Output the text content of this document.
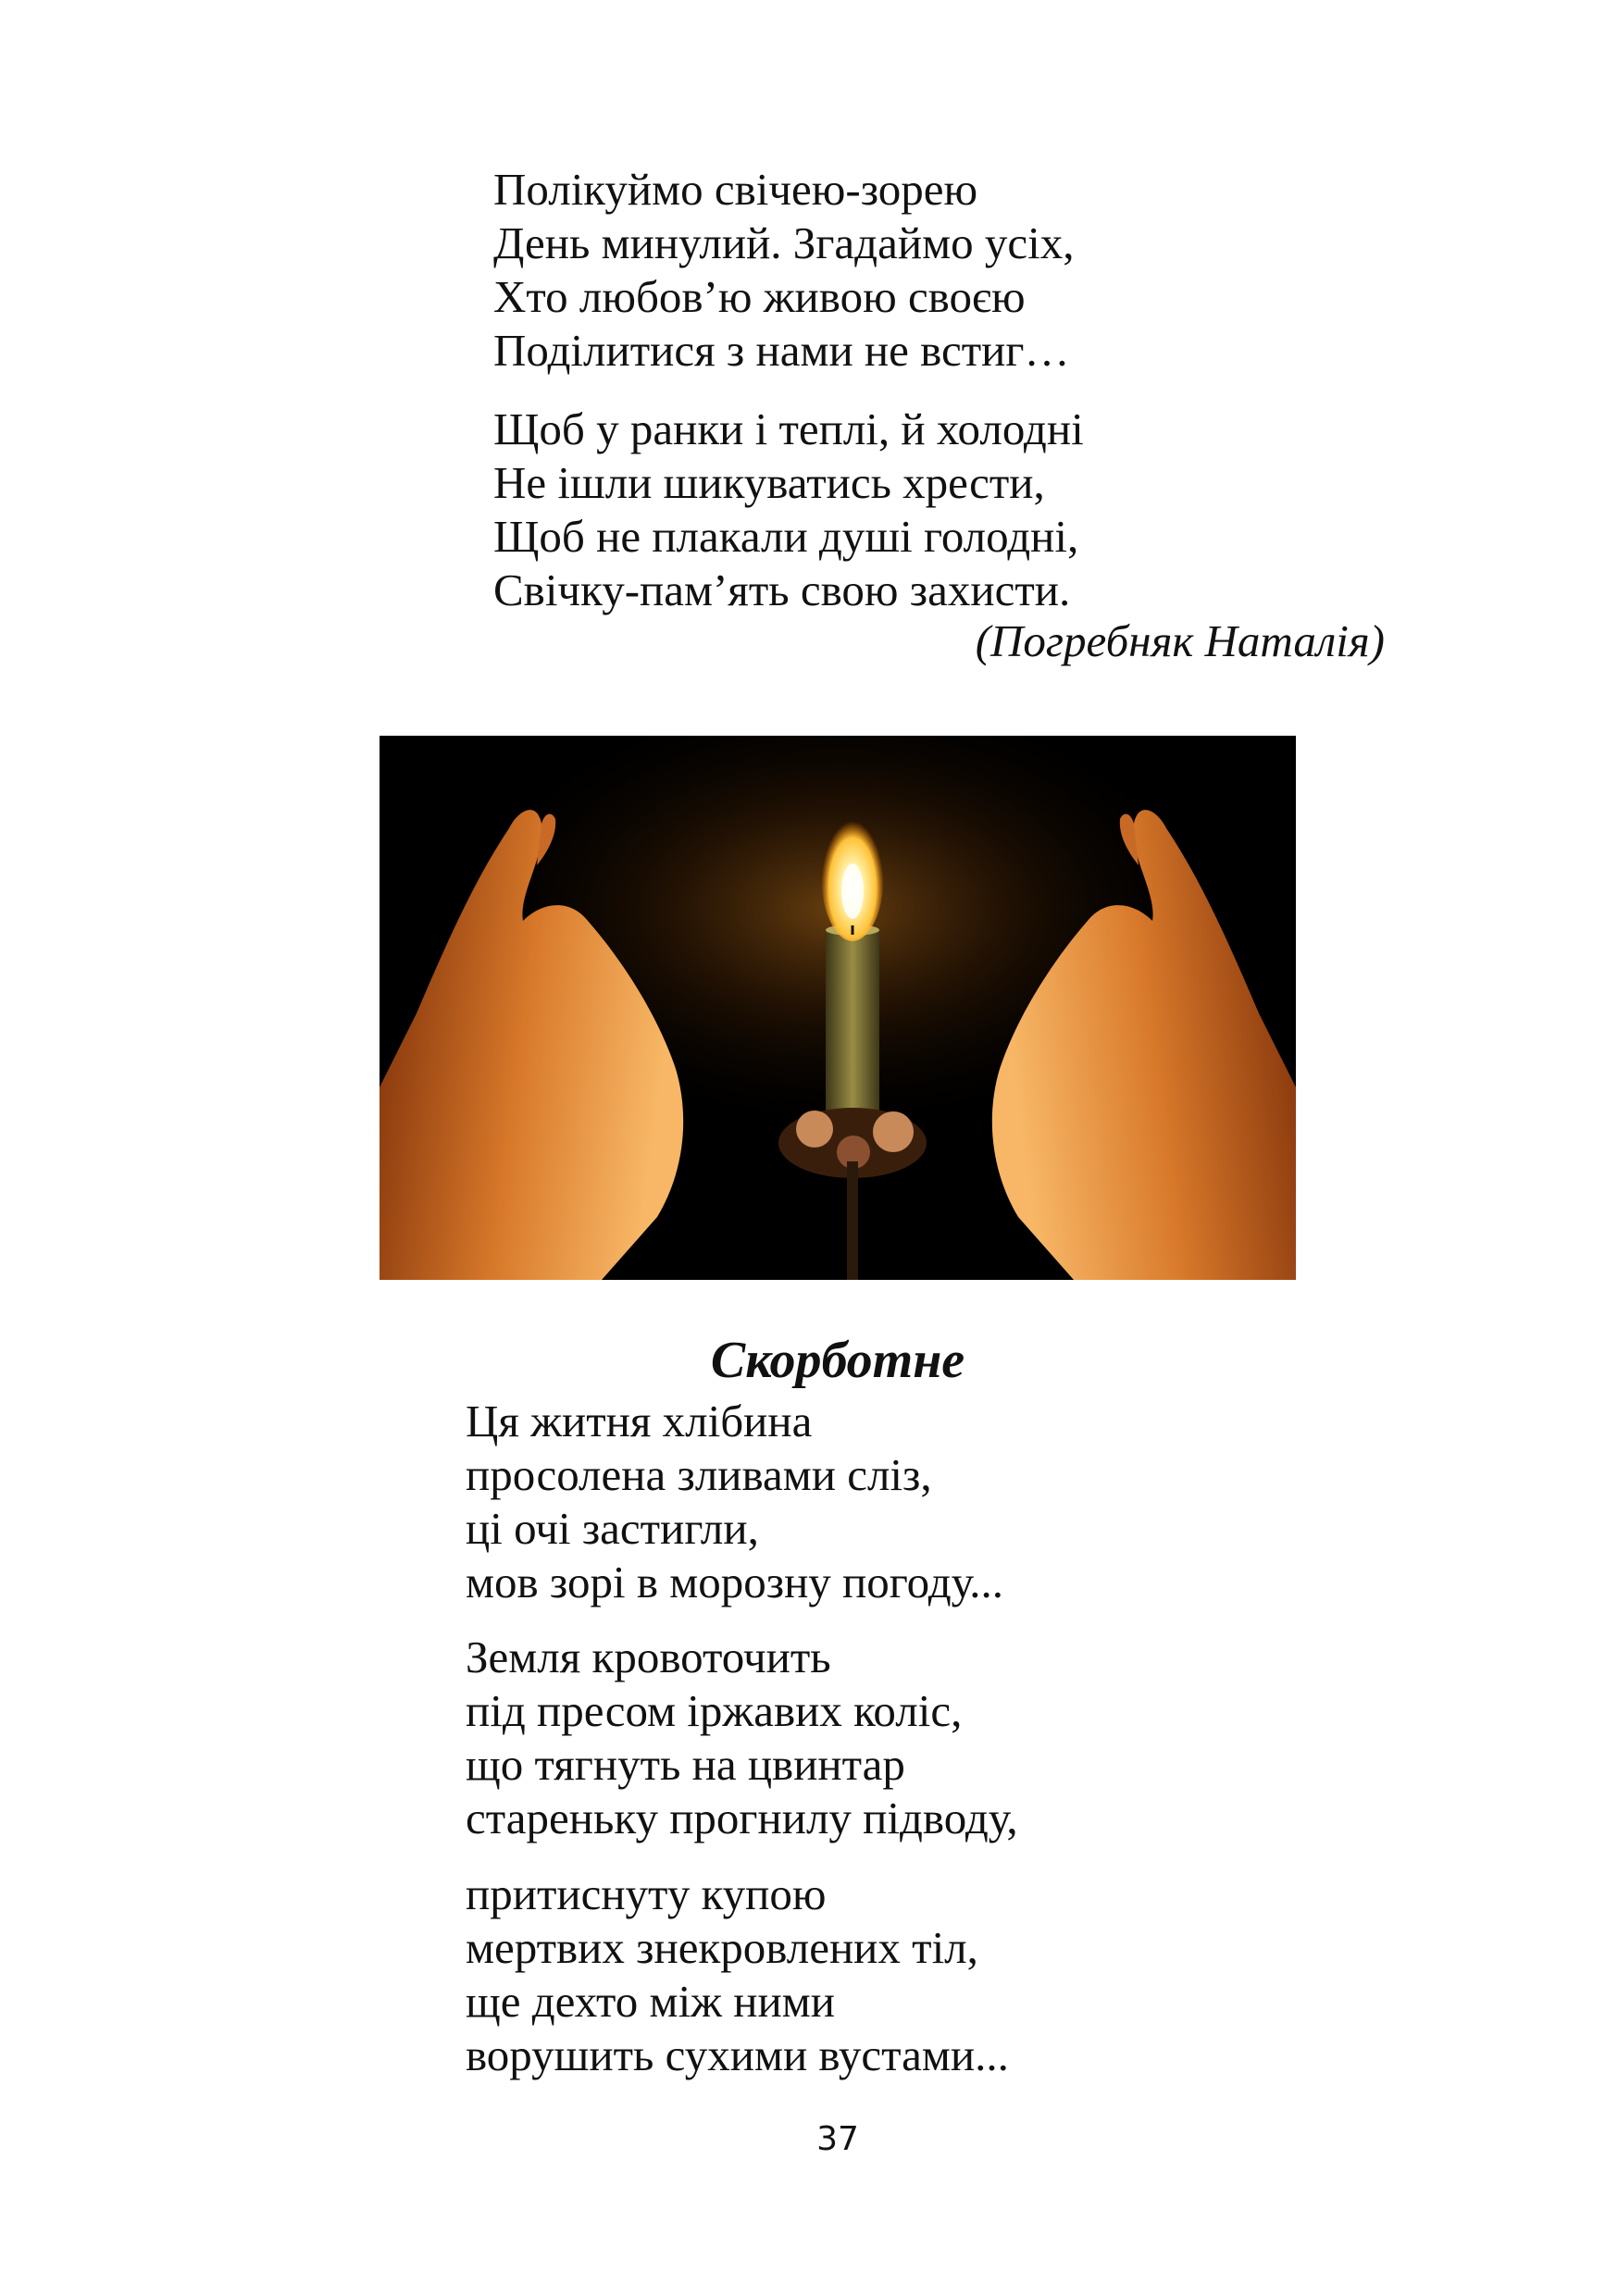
Полікуймо свічею-зорею
День минулий. Згадаймо усіх,
Хто любов’ю живою своєю
Поділитися з нами не встиг…
Щоб у ранки і теплі, й холодні
Не ішли шикуватись хрести,
Щоб не плакали душі голодні,
Свічку-пам’ять свою захисти.
(Погребняк Наталія)
Скорботне
Ця житня хлібина
просолена зливами сліз,
ці очі застигли,
мов зорі в морозну погоду...
Земля кровоточить
під пресом іржавих коліс,
що тягнуть на цвинтар
стареньку прогнилу підводу,
притиснуту купою
мертвих знекровлених тіл,
ще дехто між ними
ворушить сухими вустами...
37
